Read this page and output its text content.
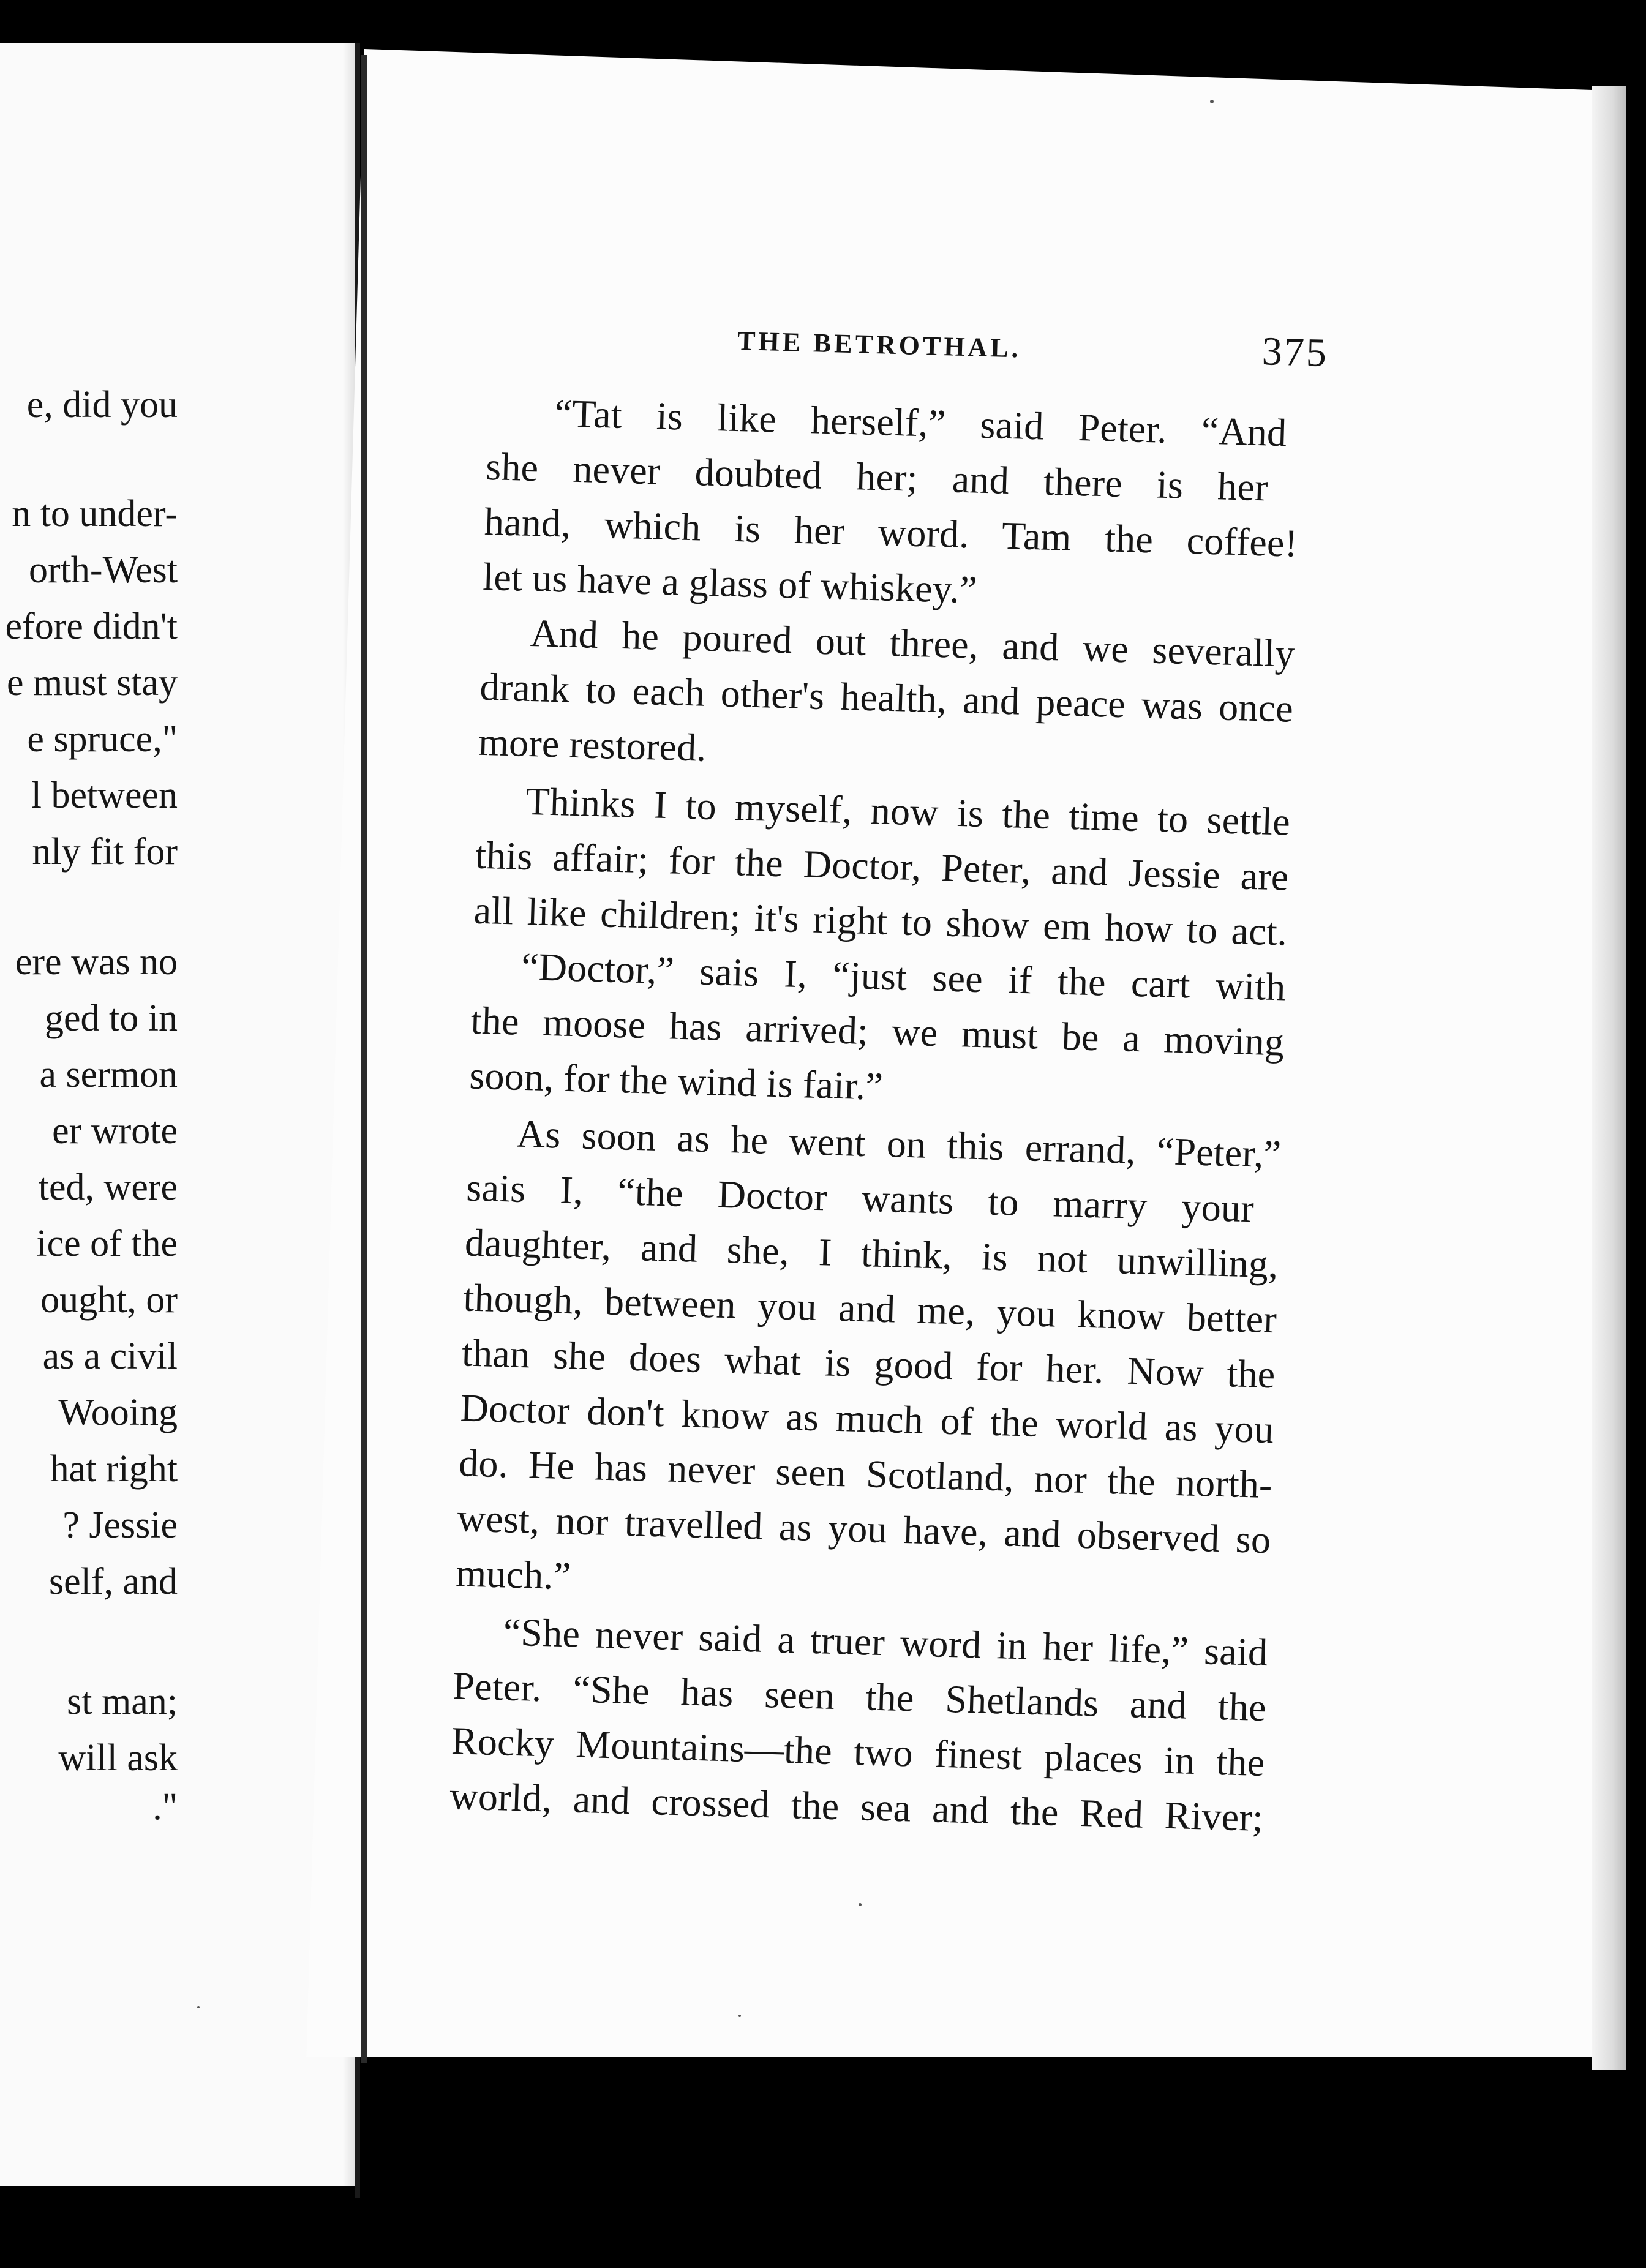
e, did you
n to under-
orth-West
efore didn't
e must stay
e spruce,"
l between
nly fit for
ere was no
ged to in
a sermon
er wrote
ted, were
ice of the
ought, or
as a civil
Wooing
hat right
? Jessie
self, and
st man;
will ask
."
THE BETROTHAL.	375
“Tat is like herself,” said Peter. “And
she never doubted her; and there is her
hand, which is her word. Tam the coffee!
let us have a glass of whiskey.”
And he poured out three, and we severally
drank to each other's health, and peace was once
more restored.
Thinks I to myself, now is the time to settle
this affair; for the Doctor, Peter, and Jessie are
all like children; it's right to show em how to act.
“Doctor,” sais I, “just see if the cart with
the moose has arrived; we must be a moving
soon, for the wind is fair.”
As soon as he went on this errand, “Peter,”
sais I, “the Doctor wants to marry your
daughter, and she, I think, is not unwilling,
though, between you and me, you know better
than she does what is good for her. Now the
Doctor don't know as much of the world as you
do. He has never seen Scotland, nor the north-
west, nor travelled as you have, and observed so
much.”
“She never said a truer word in her life,” said
Peter. “She has seen the Shetlands and the
Rocky Mountains—the two finest places in the
world, and crossed the sea and the Red River;
